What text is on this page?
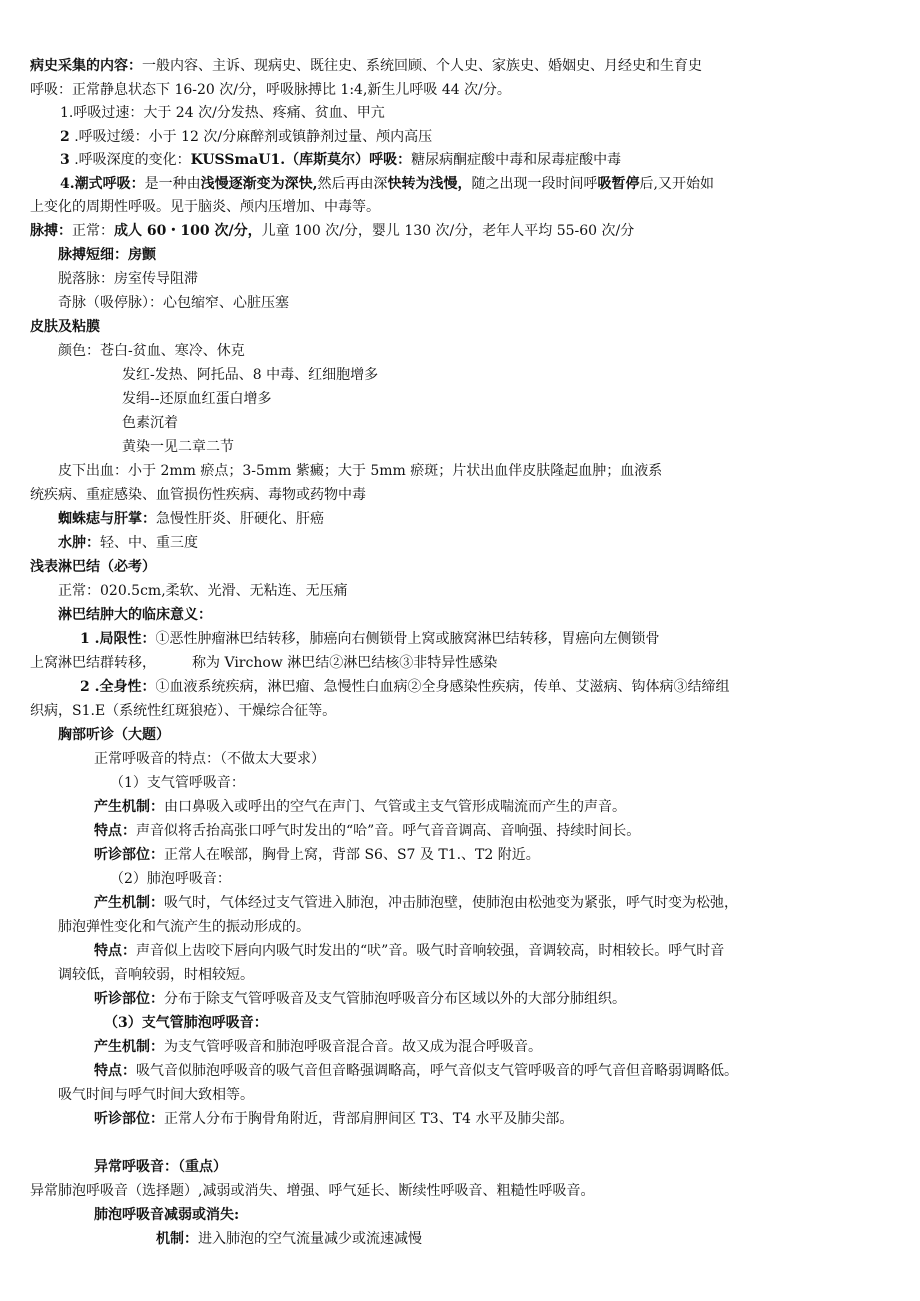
病史采集的内容：一般内容、主诉、现病史、既往史、系统回顾、个人史、家族史、婚姻史、月经史和生育史
呼吸：正常静息状态下 16-20 次/分，呼吸脉搏比 1:4,新生儿呼吸 44 次/分。
1.呼吸过速：大于 24 次/分发热、疼痛、贫血、甲亢
2 .呼吸过缓：小于 12 次/分麻醉剂或镇静剂过量、颅内高压
3 .呼吸深度的变化：KUSSmaU1.（库斯莫尔）呼吸：糖尿病酮症酸中毒和尿毒症酸中毒
4.潮式呼吸：是一种由浅慢逐渐变为深快,然后再由深快转为浅慢，随之出现一段时间呼吸暂停后,又开始如
上变化的周期性呼吸。见于脑炎、颅内压增加、中毒等。
脉搏：正常：成人 60・100 次/分，儿童 100 次/分，婴儿 130 次/分，老年人平均 55-60 次/分
脉搏短细：房颤
脱落脉：房室传导阻滞
奇脉（吸停脉）：心包缩窄、心脏压塞
皮肤及粘膜
颜色：苍白-贫血、寒冷、休克
发红-发热、阿托品、8 中毒、红细胞增多
发绢--还原血红蛋白增多
色素沉着
黄染一见二章二节
皮下出血：小于 2mm 瘀点；3-5mm 紫癜；大于 5mm 瘀斑；片状出血伴皮肤隆起血肿；血液系
统疾病、重症感染、血管损伤性疾病、毒物或药物中毒
蜘蛛痣与肝掌：急慢性肝炎、肝硬化、肝癌
水肿：轻、中、重三度
浅表淋巴结（必考）
正常：020.5cm,柔软、光滑、无粘连、无压痛
淋巴结肿大的临床意义：
1 .局限性：①恶性肿瘤淋巴结转移，肺癌向右侧锁骨上窝或腋窝淋巴结转移，胃癌向左侧锁骨
上窝淋巴结群转移，	称为 Virchow 淋巴结②淋巴结核③非特异性感染
2 .全身性：①血液系统疾病，淋巴瘤、急慢性白血病②全身感染性疾病，传单、艾滋病、钩体病③结缔组
织病，S1.E（系统性红斑狼疮）、干燥综合征等。
胸部听诊（大题）
正常呼吸音的特点：（不做太大要求）
（1）支气管呼吸音：
产生机制：由口鼻吸入或呼出的空气在声门、气管或主支气管形成喘流而产生的声音。
特点：声音似将舌抬高张口呼气时发出的“哈”音。呼气音音调高、音响强、持续时间长。
听诊部位：正常人在喉部，胸骨上窝，背部 S6、S7 及 T1.、T2 附近。
（2）肺泡呼吸音：
产生机制：吸气时，气体经过支气管进入肺泡，冲击肺泡壁，使肺泡由松弛变为紧张，呼气时变为松弛，
肺泡弹性变化和气流产生的振动形成的。
特点：声音似上齿咬下唇向内吸气时发出的“吠”音。吸气时音响较强，音调较高，时相较长。呼气时音
调较低，音响较弱，时相较短。
听诊部位：分布于除支气管呼吸音及支气管肺泡呼吸音分布区域以外的大部分肺组织。
（3）支气管肺泡呼吸音：
产生机制：为支气管呼吸音和肺泡呼吸音混合音。故又成为混合呼吸音。
特点：吸气音似肺泡呼吸音的吸气音但音略强调略高，呼气音似支气管呼吸音的呼气音但音略弱调略低。
吸气时间与呼气时间大致相等。
听诊部位：正常人分布于胸骨角附近，背部肩胛间区 T3、T4 水平及肺尖部。
异常呼吸音：（重点）
异常肺泡呼吸音（选择题）,减弱或消失、增强、呼气延长、断续性呼吸音、粗糙性呼吸音。
肺泡呼吸音减弱或消失:
机制：进入肺泡的空气流量减少或流速减慢
